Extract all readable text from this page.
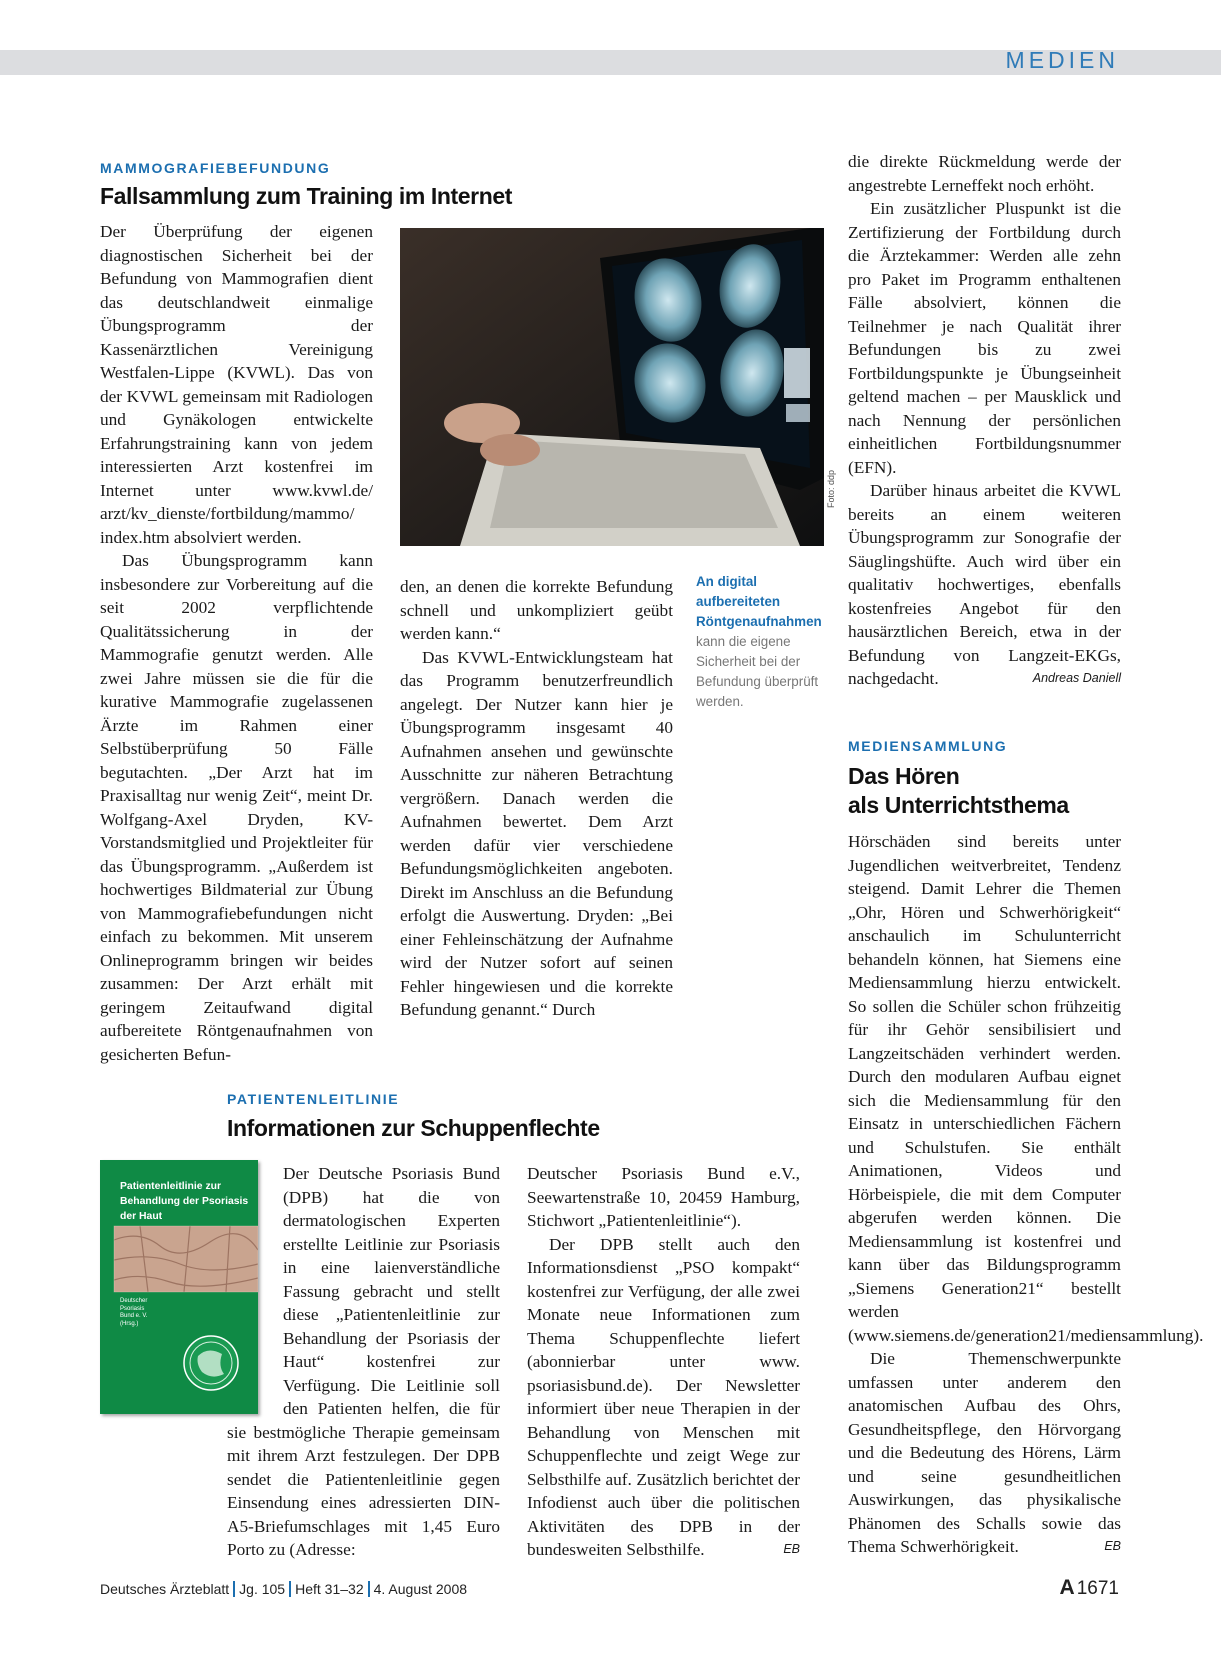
MEDIEN
MAMMOGRAFIEBEFUNDUNG
Fallsammlung zum Training im Internet

Der Überprüfung der eigenen diagnostischen Sicherheit bei der Befundung von Mammografien dient das deutschlandweit einmalige Übungsprogramm der Kassenärztlichen Vereinigung Westfalen-Lippe (KVWL). Das von der KVWL gemeinsam mit Radiologen und Gynäkologen entwickelte Erfahrungstraining kann von jedem interessierten Arzt kostenfrei im Internet unter www.kvwl.de/ arzt/kv_dienste/fortbildung/mammo/ index.htm absolviert werden.

Das Übungsprogramm kann insbesondere zur Vorbereitung auf die seit 2002 verpflichtende Qualitätssicherung in der Mammografie genutzt werden. Alle zwei Jahre müssen sie die für die kurative Mammografie zugelassenen Ärzte im Rahmen einer Selbstüberprüfung 50 Fälle begutachten. „Der Arzt hat im Praxisalltag nur wenig Zeit“, meint Dr. Wolfgang-Axel Dryden, KV-Vorstandsmitglied und Projektleiter für das Übungsprogramm. „Außerdem ist hochwertiges Bildmaterial zur Übung von Mammografiebefundungen nicht einfach zu bekommen. Mit unserem Onlineprogramm bringen wir beides zusammen: Der Arzt erhält mit geringem Zeitaufwand digital aufbereitete Röntgenaufnahmen von gesicherten Befun-

Foto: ddp

den, an denen die korrekte Befundung schnell und unkompliziert geübt werden kann.“

Das KVWL-Entwicklungsteam hat das Programm benutzerfreundlich angelegt. Der Nutzer kann hier je Übungsprogramm insgesamt 40 Aufnahmen ansehen und gewünschte Ausschnitte zur näheren Betrachtung vergrößern. Danach werden die Aufnahmen bewertet. Dem Arzt werden dafür vier verschiedene Befundungsmöglichkeiten angeboten. Direkt im Anschluss an die Befundung erfolgt die Auswertung. Dryden: „Bei einer Fehleinschätzung der Aufnahme wird der Nutzer sofort auf seinen Fehler hingewiesen und die korrekte Befundung genannt.“ Durch

An digital aufbereiteten Röntgenaufnahmen kann die eigene Sicherheit bei der Befundung überprüft werden.

die direkte Rückmeldung werde der angestrebte Lerneffekt noch erhöht.

Ein zusätzlicher Pluspunkt ist die Zertifizierung der Fortbildung durch die Ärztekammer: Werden alle zehn pro Paket im Programm enthaltenen Fälle absolviert, können die Teilnehmer je nach Qualität ihrer Befundungen bis zu zwei Fortbildungspunkte je Übungseinheit geltend machen – per Mausklick und nach Nennung der persönlichen einheitlichen Fortbildungsnummer (EFN).

Darüber hinaus arbeitet die KVWL bereits an einem weiteren Übungsprogramm zur Sonografie der Säuglingshüfte. Auch wird über ein qualitativ hochwertiges, ebenfalls kostenfreies Angebot für den hausärztlichen Bereich, etwa in der Befundung von Langzeit-EKGs, nachgedacht.	Andreas Daniell

PATIENTENLEITLINIE
Informationen zur Schuppenflechte
Patientenleitlinie zur Behandlung der Psoriasis der Haut
Deutscher Psoriasis Bund e. V. (Hrsg.)

Der Deutsche Psoriasis Bund (DPB) hat die von dermatologischen Experten erstellte Leitlinie zur Psoriasis in eine laienverständliche Fassung gebracht und stellt diese „Patientenleitlinie zur Behandlung der Psoriasis der Haut“ kostenfrei zur Verfügung. Die Leitlinie soll den Patienten helfen, die für sie bestmögliche Therapie gemeinsam mit ihrem Arzt festzulegen. Der DPB sendet die Patientenleitlinie gegen Einsendung eines adressierten DIN-A5-Briefumschlages mit 1,45 Euro Porto zu (Adresse:

Deutscher Psoriasis Bund e.V., Seewartenstraße 10, 20459 Hamburg, Stichwort „Patientenleitlinie“).

Der DPB stellt auch den Informationsdienst „PSO kompakt“ kostenfrei zur Verfügung, der alle zwei Monate neue Informationen zum Thema Schuppenflechte liefert (abonnierbar unter www. psoriasisbund.de). Der Newsletter informiert über neue Therapien in der Behandlung von Menschen mit Schuppenflechte und zeigt Wege zur Selbsthilfe auf. Zusätzlich berichtet der Infodienst auch über die politischen Aktivitäten des DPB in der bundesweiten Selbsthilfe.	EB

MEDIENSAMMLUNG
Das Hören
als Unterrichtsthema

Hörschäden sind bereits unter Jugendlichen weitverbreitet, Tendenz steigend. Damit Lehrer die Themen „Ohr, Hören und Schwerhörigkeit“ anschaulich im Schulunterricht behandeln können, hat Siemens eine Mediensammlung hierzu entwickelt. So sollen die Schüler schon frühzeitig für ihr Gehör sensibilisiert und Langzeitschäden verhindert werden. Durch den modularen Aufbau eignet sich die Mediensammlung für den Einsatz in unterschiedlichen Fächern und Schulstufen. Sie enthält Animationen, Videos und Hörbeispiele, die mit dem Computer abgerufen werden können. Die Mediensammlung ist kostenfrei und kann über das Bildungsprogramm „Siemens Generation21“ bestellt werden (www.siemens.de/generation21/mediensammlung).

Die Themenschwerpunkte umfassen unter anderem den anatomischen Aufbau des Ohrs, Gesundheitspflege, den Hörvorgang und die Bedeutung des Hörens, Lärm und seine gesundheitlichen Auswirkungen, das physikalische Phänomen des Schalls sowie das Thema Schwerhörigkeit.	EB

Deutsches Ärzteblatt Jg. 105 Heft 31–32 4. August 2008	A 1671
